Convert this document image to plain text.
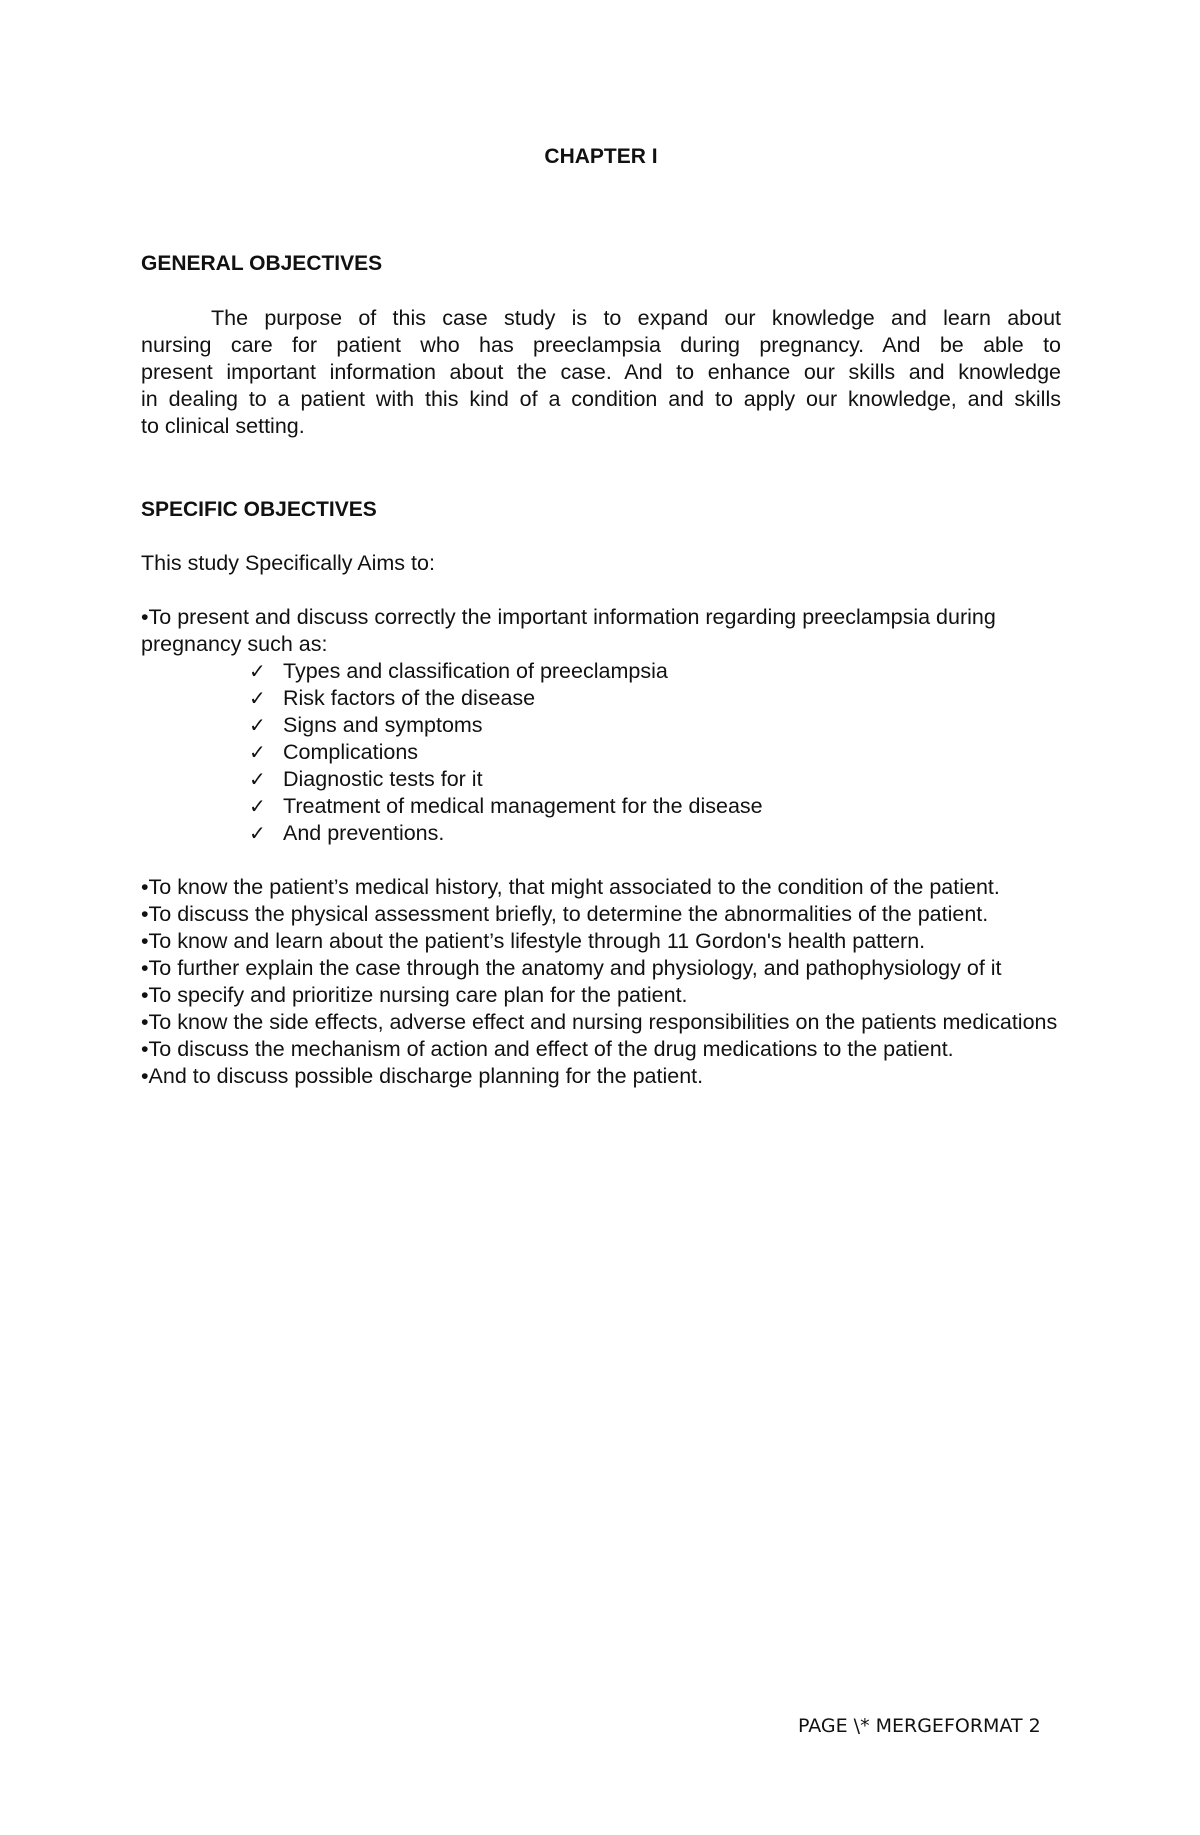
CHAPTER I
GENERAL OBJECTIVES

The purpose of this case study is to expand our knowledge and learn about
nursing care for patient who has preeclampsia during pregnancy. And be able to
present important information about the case. And to enhance our skills and knowledge
in dealing to a patient with this kind of a condition and to apply our knowledge, and skills
to clinical setting.

SPECIFIC OBJECTIVES

This study Specifically Aims to:

•To present and discuss correctly the important information regarding preeclampsia during pregnancy such as:

✓ Types and classification of preeclampsia
✓ Risk factors of the disease
✓ Signs and symptoms
✓ Complications
✓ Diagnostic tests for it
✓ Treatment of medical management for the disease
✓ And preventions.
•To know the patient’s medical history, that might associated to the condition of the patient.
•To discuss the physical assessment briefly, to determine the abnormalities of the patient.
•To know and learn about the patient’s lifestyle through 11 Gordon's health pattern.
•To further explain the case through the anatomy and physiology, and pathophysiology of it
•To specify and prioritize nursing care plan for the patient.
•To know the side effects, adverse effect and nursing responsibilities on the patients medications
•To discuss the mechanism of action and effect of the drug medications to the patient.
•And to discuss possible discharge planning for the patient.
PAGE \* MERGEFORMAT 2
